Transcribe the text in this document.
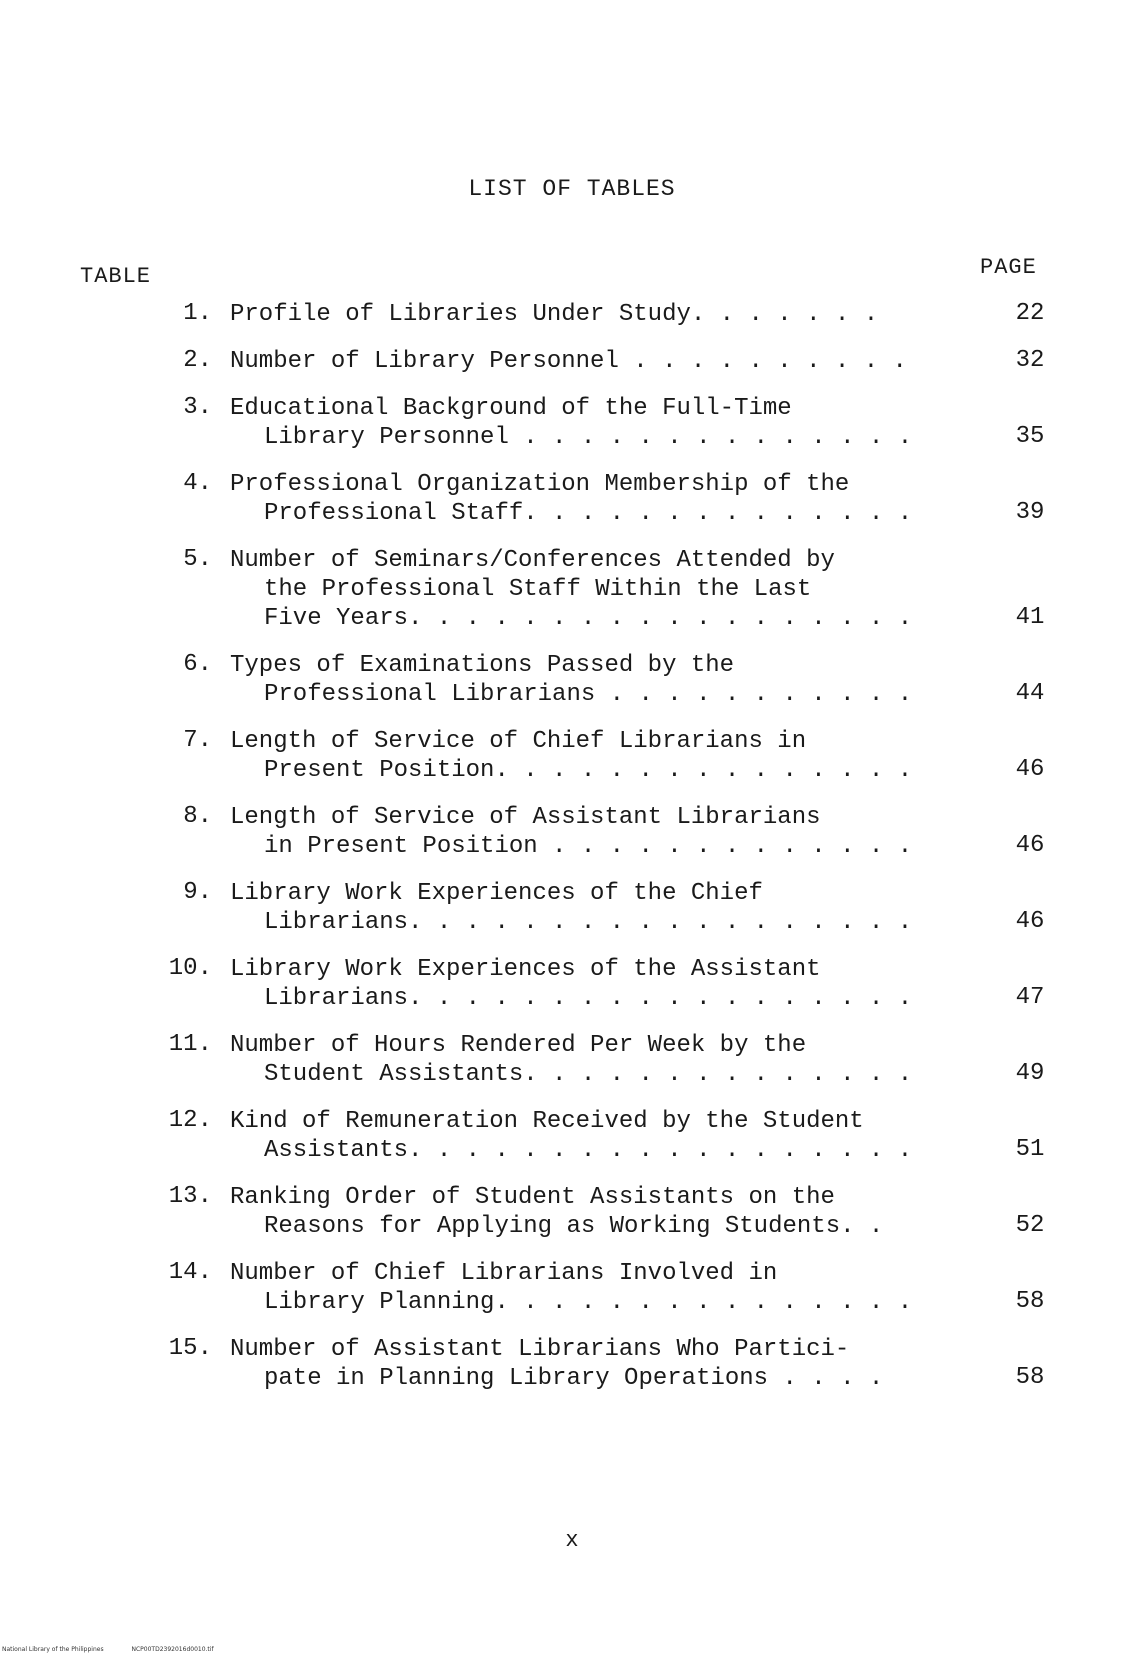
LIST OF TABLES
TABLE	PAGE
1. Profile of Libraries Under Study. . . . . . .	22
2. Number of Library Personnel . . . . . . . . . .	32
3. Educational Background of the Full-Time
Library Personnel . . . . . . . . . . . . . .	35
4. Professional Organization Membership of the
Professional Staff. . . . . . . . . . . . . .	39
5. Number of Seminars/Conferences Attended by
the Professional Staff Within the Last
Five Years. . . . . . . . . . . . . . . . . .	41
6. Types of Examinations Passed by the
Professional Librarians . . . . . . . . . . .	44
7. Length of Service of Chief Librarians in
Present Position. . . . . . . . . . . . . . .	46
8. Length of Service of Assistant Librarians
in Present Position . . . . . . . . . . . . .	46
9. Library Work Experiences of the Chief
Librarians. . . . . . . . . . . . . . . . . .	46
10. Library Work Experiences of the Assistant
Librarians. . . . . . . . . . . . . . . . . .	47
11. Number of Hours Rendered Per Week by the
Student Assistants. . . . . . . . . . . . . .	49
12. Kind of Remuneration Received by the Student
Assistants. . . . . . . . . . . . . . . . . .	51
13. Ranking Order of Student Assistants on the
Reasons for Applying as Working Students. .	52
14. Number of Chief Librarians Involved in
Library Planning. . . . . . . . . . . . . . .	58
15. Number of Assistant Librarians Who Partici-
pate in Planning Library Operations . . . .	58
x
National Library of the Philippines	NCP00TD2392016d0010.tif
